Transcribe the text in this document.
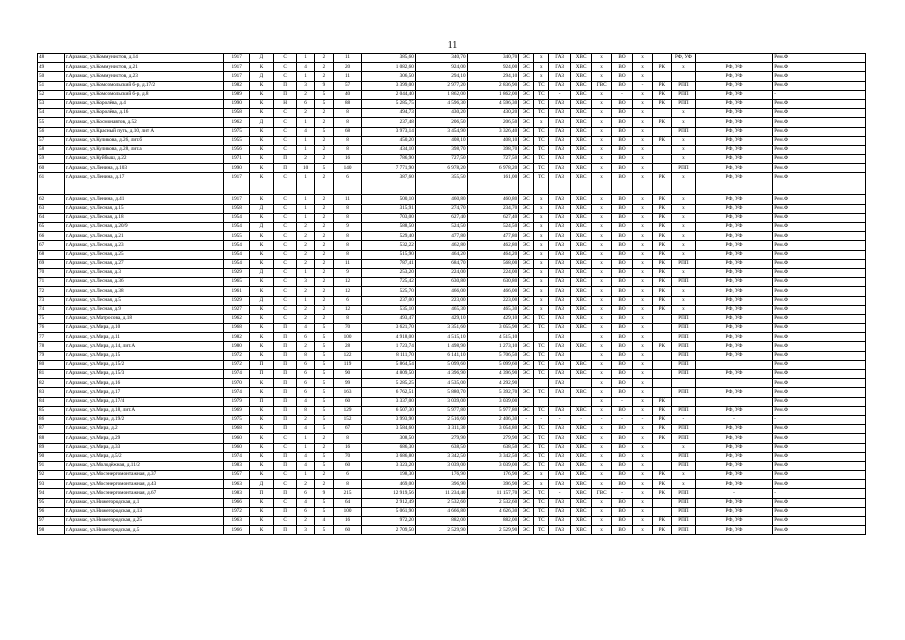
11
48	г.Арзамас, ул.Коммунистов, д.14	1917	Д	С	1	2	11	385,60	340,70	340,70	ЭС	х	ГАЗ	ХВС	х	ВО	х		РФ, УФ		Рем.Ф
49	г.Арзамас, ул.Коммунистов, д.21	1917	К	С	4	2	20	1 082,60	924,00	924,00	ЭС	х	ГАЗ	ХВС	х	ВО	х	РК	х	РФ, УФ	Рем.Ф
50	г.Арзамас, ул.Коммунистов, д.23	1917	Д	С	1	2	11	306,50	294,10	294,10	ЭС	х	ГАЗ	ХВС	х	ВО	х			РФ, УФ	Рем.Ф
51	г.Арзамас, ул.Комсомольский б-р, д.17/2	1982	К	П	3	9	57	3 399,00	2 977,20	2 836,90	ЭС	ТС	ГАЗ	ХВС	ГВС	ВО	-	РК	РПП	РФ, УФ	Рем.Ф
52	г.Арзамас, ул.Комсомольский б-р, д.8	1989	К	П	2	5	40	2 044,40	1 862,00	1 862,00	ЭС	ТС	-	ХВС	х	-	х	РК	РПП	РФ, УФ	-
53	г.Арзамас, ул.Королёва, д.4	1990	К	Н	6	5	88	5 285,75	4 596,30	4 596,30	ЭС	ТС	ГАЗ	ХВС	х	ВО	х	РК	РПП	РФ, УФ	Рем.Ф
54	г.Арзамас, ул.Королёва, д.16	1958	К	С	2	2	8	494,73	430,20	430,20	ЭС	ТС	ГАЗ	ХВС	х	ВО	х		х	РФ, УФ	Рем.Ф
55	г.Арзамас, ул.Космонавтов, д.52	1962	Д	С	1	2	8	237,48	206,50	206,50	ЭС	х	ГАЗ	ХВС	х	ВО	х	РК	х	РФ, УФ	Рем.Ф
56	г.Арзамас, ул.Красный путь, д.10, лит А	1975	К	С	4	5	68	3 973,14	3 454,90	3 326,40	ЭС	ТС	ГАЗ	ХВС	х	ВО	х		РПП	РФ, УФ	Рем.Ф
57	г.Арзамас, ул.Куликова, д.26, лит.б	1955	К	С	1	2	8	450,20	408,10	408,10	ЭС	ТС	ГАЗ	ХВС	х	ВО	х	РК	х	РФ, УФ	Рем.Ф
58	г.Арзамас, ул.Куликова, д.28, лит.а	1956	К	С	1	2	8	434,10	398,70	398,70	ЭС	ТС	ГАЗ	ХВС	х	ВО	х		х	РФ, УФ	Рем.Ф
59	г.Арзамас, ул.Куйбыш, д.22	1971	К	П	2	2	16	786,90	727,50	727,50	ЭС	ТС	ГАЗ	ХВС	х	ВО	х		х	РФ, УФ	Рем.Ф
60	г.Арзамас, ул.Ленина, д.103	1990	К	П	10	5	140	7 771,90	6 978,20	6 978,20	ЭС	ТС	ГАЗ	ХВС	х	ВО	х		РПП	РФ, УФ	Рем.Ф
61	г.Арзамас, ул.Ленина, д.17	1917	К	С	1	2	6	387,60	355,50	161,00	ЭС	ТС	ГАЗ	ХВС	х	ВО	х	РК	х	РФ, УФ	Рем.Ф
62	г.Арзамас, ул.Ленина, д.41	1917	К	С	1	2	11	500,10	460,80	460,80	ЭС	х	ГАЗ	ХВС	х	ВО	х	РК	х	РФ, УФ	Рем.Ф
63	г.Арзамас, ул.Лесная, д.15	1958	Д	С	1	2	8	315,91	274,70	234,70	ЭС	х	ГАЗ	ХВС	х	ВО	х	РК	х	РФ, УФ	Рем.Ф
64	г.Арзамас, ул.Лесная, д.18	1954	К	С	1	2	8	703,00	627,40	627,40	ЭС	х	ГАЗ	ХВС	х	ВО	х	РК	х	РФ, УФ	Рем.Ф
65	г.Арзамас, ул.Лесная, д.20/9	1954	Д	С	2	2	9	588,50	524,50	524,50	ЭС	х	ГАЗ	ХВС	х	ВО	х	РК	х	РФ, УФ	Рем.Ф
66	г.Арзамас, ул.Лесная, д.21	1955	К	С	2	2	8	529,40	477,80	477,80	ЭС	х	ГАЗ	ХВС	х	ВО	х	РК	х	РФ, УФ	Рем.Ф
67	г.Арзамас, ул.Лесная, д.23	1954	К	С	2	2	8	532,22	462,80	462,80	ЭС	х	ГАЗ	ХВС	х	ВО	х	РК	х	РФ, УФ	Рем.Ф
68	г.Арзамас, ул.Лесная, д.25	1954	К	С	2	2	8	515,90	464,20	464,20	ЭС	х	ГАЗ	ХВС	х	ВО	х	РК	х	РФ, УФ	Рем.Ф
69	г.Арзамас, ул.Лесная, д.27	1954	К	С	2	2	11	787,41	684,70	568,00	ЭС	х	ГАЗ	ХВС	х	ВО	х	РК	РПП	РФ, УФ	Рем.Ф
70	г.Арзамас, ул.Лесная, д.3	1929	Д	С	1	2	9	253,20	224,00	224,00	ЭС	х	ГАЗ	ХВС	х	ВО	х	РК	х	РФ, УФ	Рем.Ф
71	г.Арзамас, ул.Лесная, д.36	1965	К	С	3	2	12	725,42	630,80	630,80	ЭС	х	ГАЗ	ХВС	х	ВО	х	РК	РПП	РФ, УФ	Рем.Ф
72	г.Арзамас, ул.Лесная, д.38	1961	К	С	2	2	12	525,70	466,00	466,00	ЭС	х	ГАЗ	ХВС	х	ВО	х	РК	х	РФ, УФ	Рем.Ф
73	г.Арзамас, ул.Лесная, д.5	1929	Д	С	1	2	6	237,00	223,00	223,00	ЭС	х	ГАЗ	ХВС	х	ВО	х	РК	х	РФ, УФ	Рем.Ф
74	г.Арзамас, ул.Лесная, д.9	1927	К	С	2	2	12	535,10	465,30	465,30	ЭС	х	ГАЗ	ХВС	х	ВО	х	РК	х	РФ, УФ	Рем.Ф
75	г.Арзамас, ул.Матросова, д.18	1962	К	С	2	2	8	493,47	429,10	429,10	ЭС	ТС	ГАЗ	ХВС	х	ВО	х		РПП	РФ, УФ	Рем.Ф
76	г.Арзамас, ул.Мира, д.10	1968	К	П	4	5	70	3 621,70	3 351,60	3 055,90	ЭС	ТС	ГАЗ	ХВС	х	ВО	х		РПП	РФ, УФ	Рем.Ф
77	г.Арзамас, ул.Мира, д.11	1982	К	П	6	5	100	4 918,00	4 515,10	4 515,10			ГАЗ		х	ВО	х		РПП	РФ, УФ	Рем.Ф
78	г.Арзамас, ул.Мира, д.14, лит.А	1980	К	П	2	5	28	1 723,74	1 498,90	1 273,10	ЭС	ТС	ГАЗ	ХВС	х	ВО	х	РК	РПП	РФ, УФ	Рем.Ф
79	г.Арзамас, ул.Мира, д.15	1972	К	П	8	5	122	8 111,70	6 141,10	5 706,50	ЭС	ТС	ГАЗ		х	ВО	х		РПП	РФ, УФ	Рем.Ф
80	г.Арзамас, ул.Мира, д.15/2	1972	П	П	6	5	119	5 864,54	5 099,60	5 099,60	ЭС	ТС	ГАЗ	ХВС	х	ВО	х		РПП		Рем.Ф
81	г.Арзамас, ул.Мира, д.15/3	1974	П	П	6	5	90	4 809,50	4 396,90	4 396,90	ЭС	ТС	ГАЗ	ХВС	х	ВО	х		РПП	РФ, УФ	Рем.Ф
82	г.Арзамас, ул.Мира, д.16	1970	К	П	6	5	99	5 285,25	4 535,00	4 292,90			ГАЗ		х	ВО	х				Рем.Ф
83	г.Арзамас, ул.Мира, д.17	1974	К	П	6	5	163	6 762,51	5 880,70	5 392,70	ЭС	ТС	ГАЗ	ХВС	х	ВО	х		РПП	РФ, УФ	Рем.Ф
84	г.Арзамас, ул.Мира, д.17/4	1979	П	П	4	5	60	3 337,00	3 039,00	3 039,00					х	-	х	РК			Рем.Ф
85	г.Арзамас, ул.Мира, д.18, лит.А	1969	К	П	8	5	129	6 507,30	5 977,80	5 977,80	ЭС	ТС	ГАЗ	ХВС	х	ВО	х	РК	РПП	РФ, УФ	Рем.Ф
86	г.Арзамас, ул.Мира, д.19/2	1975	К	П	2	5	152	3 993,90	2 516,60	2 406,30	-	-	-	-	-	-	-	РК	-	-	-
87	г.Арзамас, ул.Мира, д.2	1968	К	П	4	5	67	3 584,60	3 311,30	3 054,80	ЭС	ТС	ГАЗ	ХВС	х	ВО	х	РК	РПП	РФ, УФ	Рем.Ф
88	г.Арзамас, ул.Мира, д.29	1960	К	С	1	2	8	308,50	279,90	279,90	ЭС	ТС	ГАЗ	ХВС	х	ВО	х	РК	РПП	РФ, УФ	Рем.Ф
89	г.Арзамас, ул.Мира, д.33	1960	К	С	1	2	16	686,30	638,50	638,50	ЭС	ТС	ГАЗ	ХВС	х	ВО	х		х	РФ, УФ	Рем.Ф
90	г.Арзамас, ул.Мира, д.5/2	1974	К	П	4	5	70	3 686,80	3 342,50	3 342,50	ЭС	ТС	ГАЗ	ХВС	х	ВО	х		РПП	РФ, УФ	Рем.Ф
91	г.Арзамас, ул.Молодёжная, д.11/2	1983	К	П	4	5	60	3 323,20	3 039,00	3 039,00	ЭС	ТС	ГАЗ	ХВС	х	ВО	х		РПП	РФ, УФ	Рем.Ф
92	г.Арзамас, ул.Мосэнергомонтажная, д.37	1957	К	С	1	2	6	198,30	176,90	176,90	ЭС	х	ГАЗ	ХВС	х	ВО	х	РК	х	РФ, УФ	Рем.Ф
93	г.Арзамас, ул.Мосэнергомонтажная, д.43	1963	Д	С	2	2	8	469,00	396,90	396,90	ЭС	х	ГАЗ	ХВС	х	ВО	х	РК	х	РФ, УФ	Рем.Ф
94	г.Арзамас, ул.Мосэнергомонтажная, д.67	1983	П	П	6	9	215	12 919,56	11 234,40	11 157,70	ЭС	ТС	-	ХВС	ГВС	-	х	РК	РПП	-	-
95	г.Арзамас, ул.Нижегородская, д.1	1966	К	С	4	5	64	2 912,49	2 532,60	2 532,60	ЭС	ТС	ГАЗ	ХВС	х	ВО	х		РПП	РФ, УФ	Рем.Ф
96	г.Арзамас, ул.Нижегородская, д.13	1972	К	П	6	5	100	5 061,90	4 666,80	4 626,30	ЭС	ТС	ГАЗ	ХВС	х	ВО	х		РПП	РФ, УФ	Рем.Ф
97	г.Арзамас, ул.Нижегородская, д.25	1963	К	С	2	4	16	972,20	882,00	882,00	ЭС	ТС	ГАЗ	ХВС	х	ВО	х	РК	РПП	РФ, УФ	Рем.Ф
98	г.Арзамас, ул.Нижегородская, д.5	1966	К	П	3	5	60	2 709,50	2 529,90	2 529,90	ЭС	ТС	ГАЗ	ХВС	х	ВО	х	РК	РПП	РФ, УФ	Рем.Ф
